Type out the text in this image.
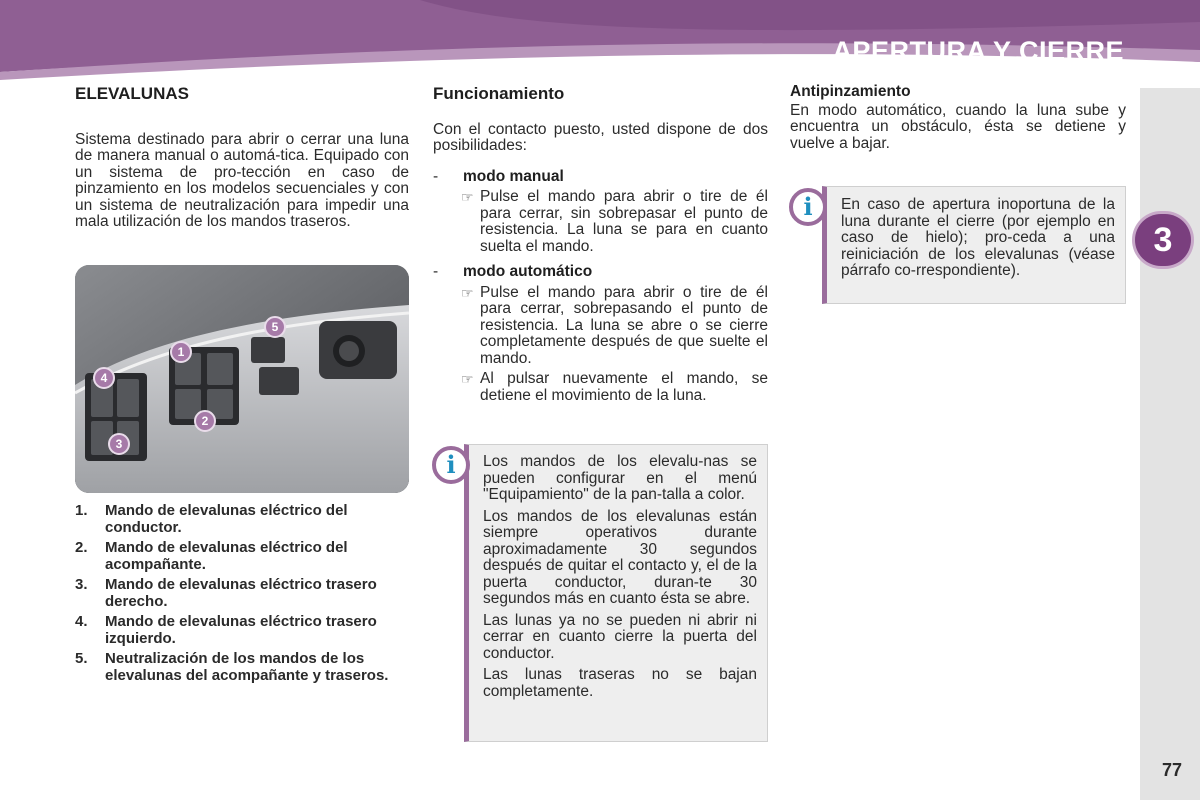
APERTURA Y CIERRE
3
ELEVALUNAS

Sistema destinado para abrir o cerrar una luna de manera manual o automá-tica. Equipado con un sistema de pro-tección en caso de pinzamiento en los modelos secuenciales y con un sistema de neutralización para impedir una mala utilización de los mandos traseros.

1
2
3
4
5
1.	Mando de elevalunas eléctrico del conductor.
2.	Mando de elevalunas eléctrico del acompañante.
3.	Mando de elevalunas eléctrico trasero derecho.
4.	Mando de elevalunas eléctrico trasero izquierdo.
5.	Neutralización de los mandos de los elevalunas del acompañante y traseros.
Funcionamiento

Con el contacto puesto, usted dispone de dos posibilidades:

-	modo manual
☞ Pulse el mando para abrir o tire de él para cerrar, sin sobrepasar el punto de resistencia. La luna se para en cuanto suelta el mando.

-	modo automático
☞ Pulse el mando para abrir o tire de él para cerrar, sobrepasando el punto de resistencia. La luna se abre o se cierre completamente después de que suelte el mando.

☞ Al pulsar nuevamente el mando, se detiene el movimiento de la luna.

Los mandos de los elevalu-nas se pueden configurar en el menú "Equipamiento" de la pan-talla a color.

Los mandos de los elevalunas están siempre operativos durante aproximadamente 30 segundos después de quitar el contacto y, el de la puerta conductor, duran-te 30 segundos más en cuanto ésta se abre.

Las lunas ya no se pueden ni abrir ni cerrar en cuanto cierre la puerta del conductor.

Las lunas traseras no se bajan completamente.

i
Antipinzamiento

En modo automático, cuando la luna sube y encuentra un obstáculo, ésta se detiene y vuelve a bajar.

En caso de apertura inoportuna de la luna durante el cierre (por ejemplo en caso de hielo); pro-ceda a una reiniciación de los elevalunas (véase párrafo co-rrespondiente).

i
77
